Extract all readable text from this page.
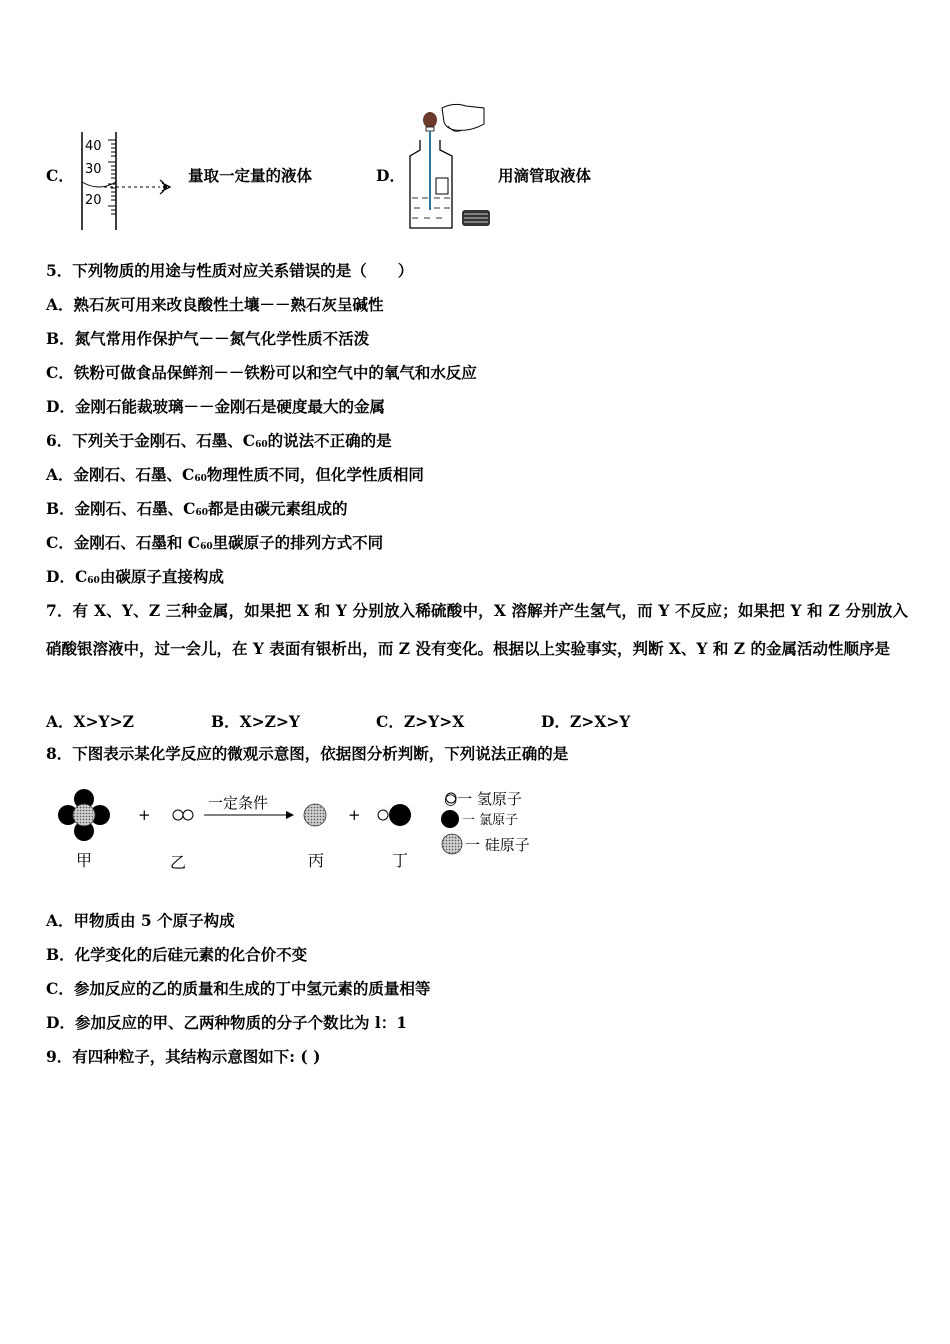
C．
40
30
20
量取一定量的液体	D．	用滴管取液体
5．下列物质的用途与性质对应关系错误的是（　　）
A．熟石灰可用来改良酸性土壤－－熟石灰呈碱性
B．氮气常用作保护气－－氮气化学性质不活泼
C．铁粉可做食品保鲜剂－－铁粉可以和空气中的氧气和水反应
D．金刚石能裁玻璃－－金刚石是硬度最大的金属
6．下列关于金刚石、石墨、$C_{60}$的说法不正确的是
A．金刚石、石墨、$C_{60}$物理性质不同，但化学性质相同
B．金刚石、石墨、$C_{60}$都是由碳元素组成的
C．金刚石、石墨和 $C_{60}$里碳原子的排列方式不同
D．$C_{60}$由碳原子直接构成
7．有 X、Y、Z 三种金属，如果把 X 和 Y 分别放入稀硫酸中，X 溶解并产生氢气，而 Y 不反应；如果把 Y 和 Z 分别放入硝酸银溶液中，过一会儿，在 Y 表面有银析出，而 Z 没有变化。根据以上实验事实，判断 X、Y 和 Z 的金属活动性顺序是
A．X>Y>Z	B．X>Z>Y	C．Z>Y>X	D．Z>X>Y
8．下图表示某化学反应的微观示意图，依据图分析判断，下列说法正确的是
+
一定条件
+
甲	乙	丙	丁
○一 氢原子
一 氯原子
一 硅原子
A．甲物质由 5 个原子构成
B．化学变化的后硅元素的化合价不变
C．参加反应的乙的质量和生成的丁中氢元素的质量相等
D．参加反应的甲、乙两种物质的分子个数比为 l：1
9．有四种粒子，其结构示意图如下: ( )
